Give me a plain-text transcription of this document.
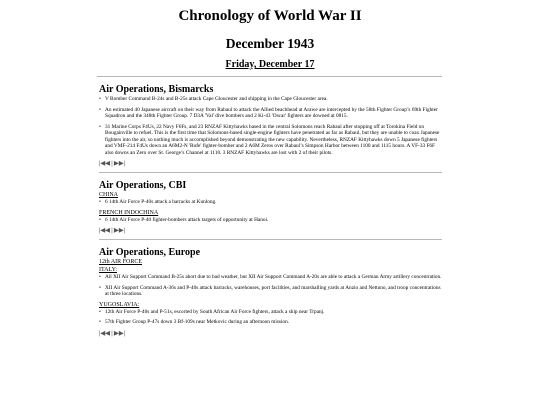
Chronology of World War II
December 1943
Friday, December 17
Air Operations, Bismarcks
• V Bomber Command B-24s and B-25s attack Cape Gloucester and shipping in the Cape Gloucester area.
• An estimated 40 Japanese aircraft on their way from Rabaul to attack the Allied beachhead at Arawe are intercepted by the 58th Fighter Group’s 69th Fighter Squadron and the 348th Fighter Group. 7 D3A 'Val' dive bombers and 2 Ki-43 'Oscar' fighters are downed at 0815.
• 31 Marine Corps F4Us, 22 Navy F6Fs, and 23 RNZAF Kittyhawks based in the central Solomons reach Rabaul after stopping off at Torokina Field on Bougainville to refuel. This is the first time that Solomons-based single-engine fighters have penetrated as far as Rabaul, but they are unable to coax Japanese fighters into the air, so nothing much is accomplished beyond demonstrating the new capability. Nevertheless, RNZAF Kittyhawks down 5 Japanese fighters and VMF-214 F4Us down an A6M2-N 'Rufe' fighter-bomber and 2 A6M Zeros over Rabaul’s Simpson Harbor between 1100 and 1115 hours. A VF-33 F6F also downs an Zero over St. George’s Channel at 1110. 3 RNZAF Kittyhawks are lost with 2 of their pilots.
|◀◀ | ▶▶|
Air Operations, CBI
CHINA
• 6 14th Air Force P-40s attack a barracks at Kunlong.
FRENCH INDOCHINA
• 6 14th Air Force P-40 fighter-bombers attack targets of opportunity at Hanoi.
|◀◀ | ▶▶|
Air Operations, Europe
12th AIR FORCE
ITALY:
• All XII Air Support Command B-25s abort due to bad weather, but XII Air Support Command A-20s are able to attack a German Army artillery concentration.
• XII Air Support Command A-36s and P-40s attack barracks, warehouses, port facilities, and marshalling yards at Anzio and Nettuno, and troop concentrations at three locations.
YUGOSLAVIA:
• 12th Air Force P-40s and P-51s, escorted by South African Air Force fighters, attack a ship near Trpanj.
• 57th Fighter Group P-47s down 3 Bf-109s near Metkovic during an afternoon mission.
|◀◀ | ▶▶|
